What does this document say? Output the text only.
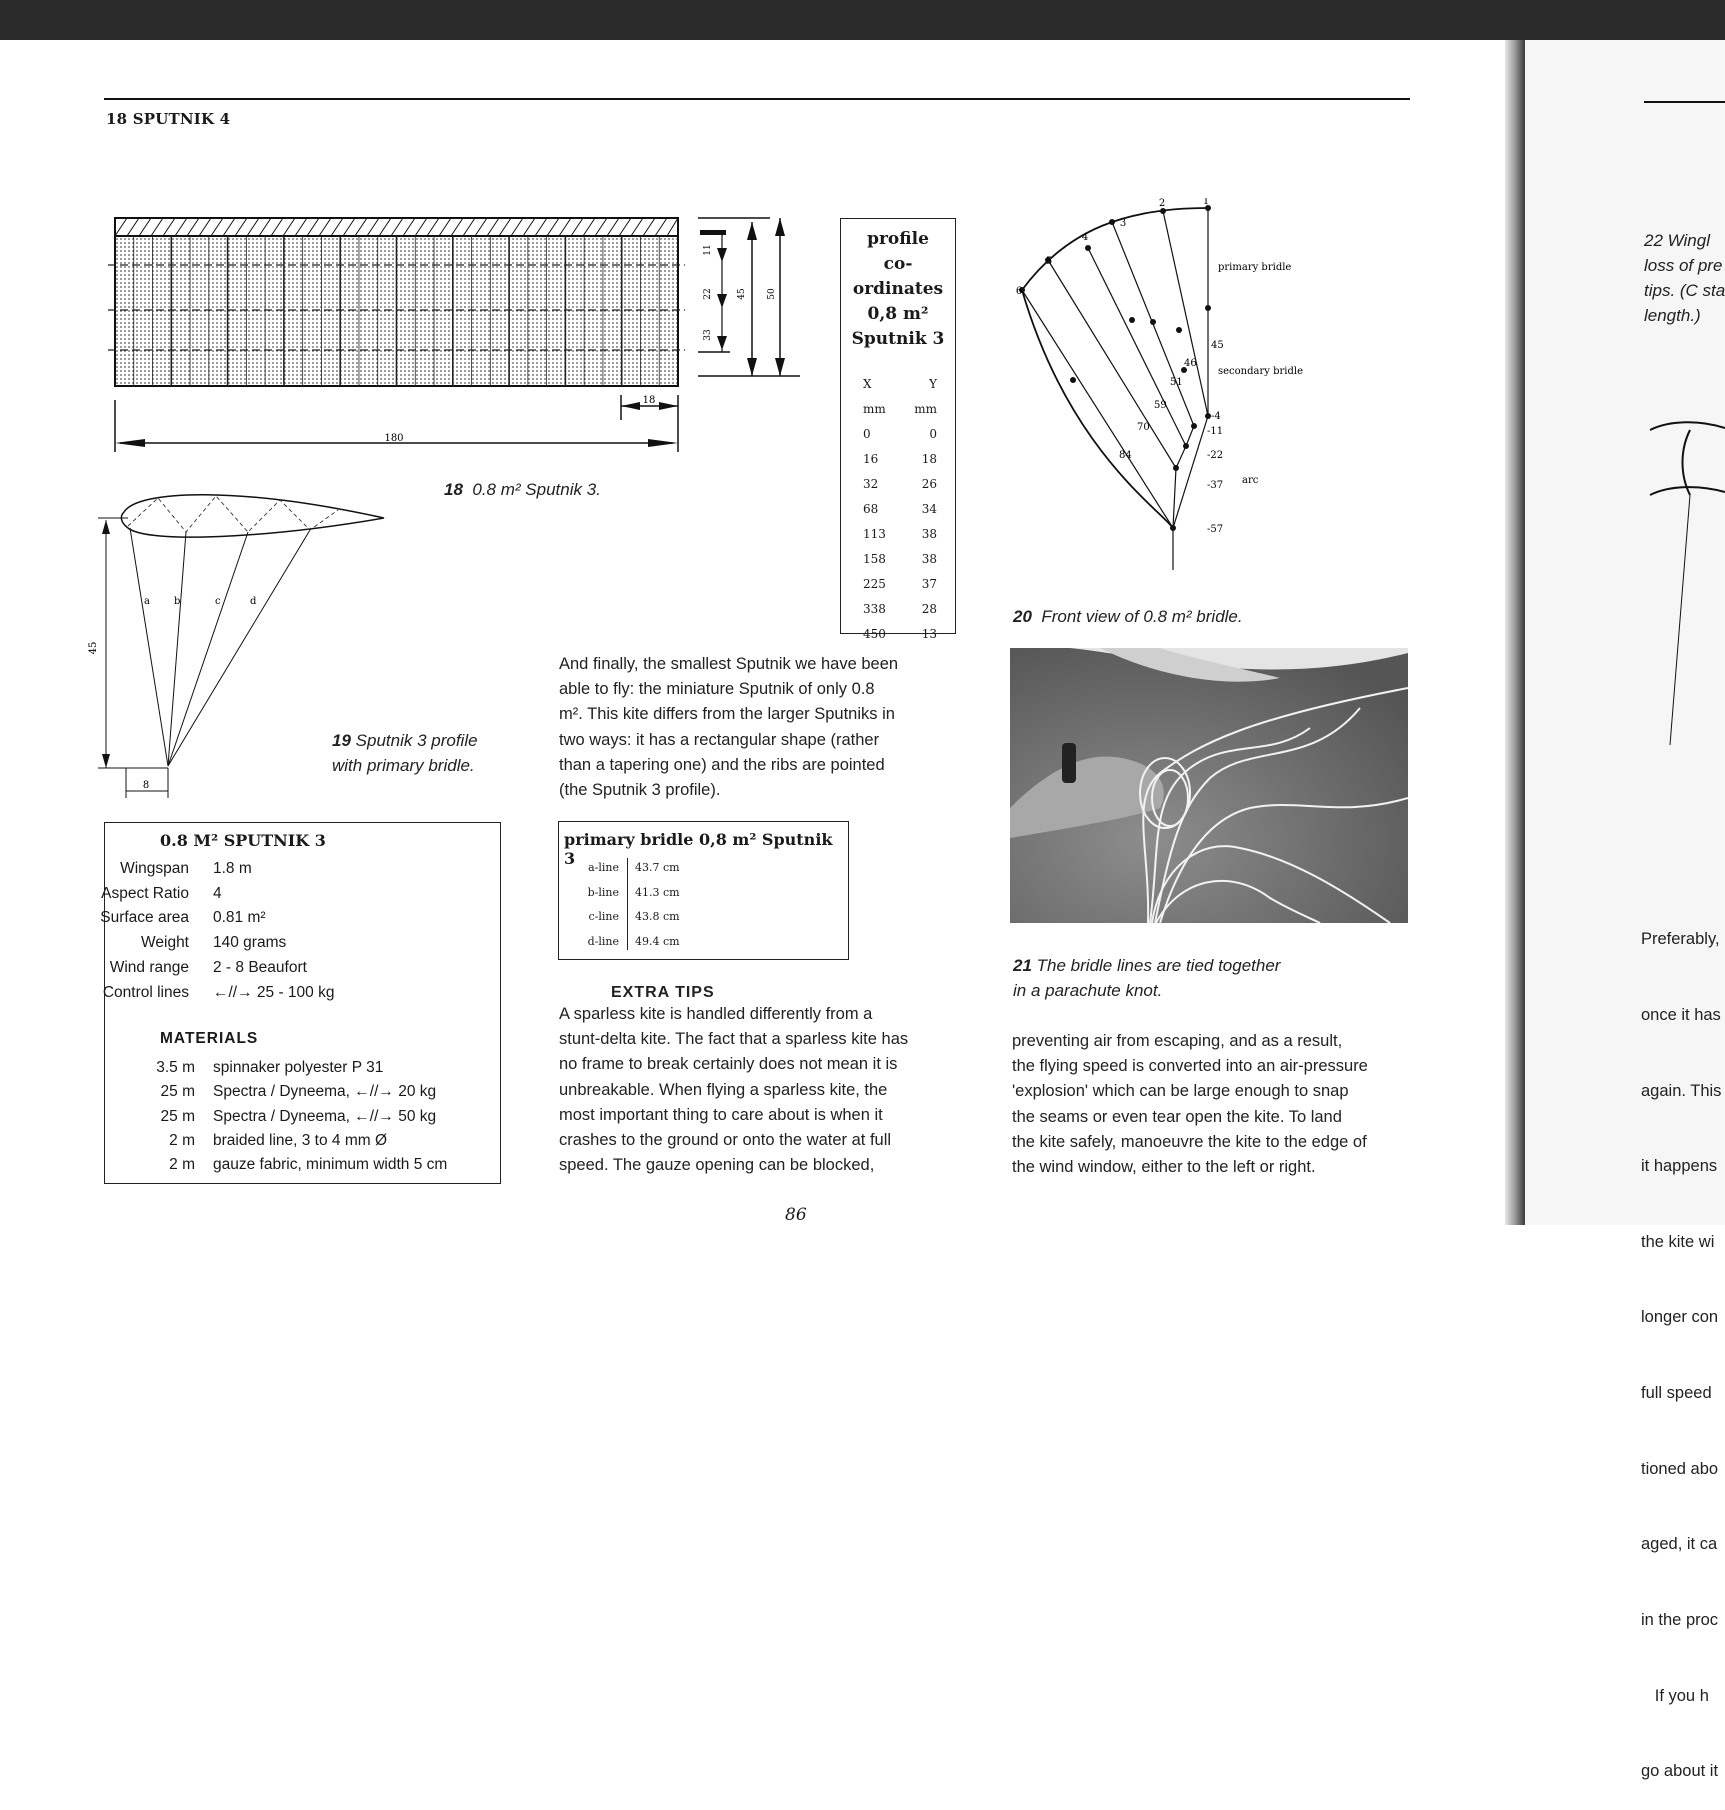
18 SPUTNIK 4
180
18
11
22
33
45 50
18 0.8 m² Sputnik 3.
profile
co-ordinates
0,8 m²
Sputnik 3
X	Y
mm mm
0	0
16	18
32	26
68	34
113	38
158	38
225	37
338	28
450	13
a b	c	d
45
8
19 Sputnik 3 profile
with primary bridle.
1
2
3
4
5
6
primary bridle
secondary bridle
arc
45
46
51
59
70
84
-4
-11
-22
-37
-57
20 Front view of 0.8 m² bridle.
21 The bridle lines are tied together
in a parachute knot.
0.8 M² SPUTNIK 3
Wingspan 1.8 m
Aspect Ratio 4
Surface area 0.81 m²
Weight 140 grams
Wind range 2 - 8 Beaufort
Control lines ←//→ 25 - 100 kg
MATERIALS
3.5 m spinnaker polyester P 31
25 m Spectra / Dyneema, ←//→ 20 kg
25 m Spectra / Dyneema, ←//→ 50 kg
2 m braided line, 3 to 4 mm Ø
2 m gauze fabric, minimum width 5 cm
And finally, the smallest Sputnik we have been
able to fly: the miniature Sputnik of only 0.8
m². This kite differs from the larger Sputniks in
two ways: it has a rectangular shape (rather
than a tapering one) and the ribs are pointed
(the Sputnik 3 profile).
primary bridle 0,8 m² Sputnik 3	a-line 43.7 cm
b-line 41.3 cm
c-line 43.8 cm
d-line 49.4 cm
EXTRA TIPS
A sparless kite is handled differently from a
stunt-delta kite. The fact that a sparless kite has
no frame to break certainly does not mean it is
unbreakable. When flying a sparless kite, the
most important thing to care about is when it
crashes to the ground or onto the water at full
speed. The gauze opening can be blocked,
preventing air from escaping, and as a result,
the flying speed is converted into an air-pressure
'explosion' which can be large enough to snap
the seams or even tear open the kite. To land
the kite safely, manoeuvre the kite to the edge of
the wind window, either to the left or right.
86
22 Wingl
loss of pre
tips. (C sta
length.)

Preferably,

once it has

again. This

it happens

the kite wi

longer con

full speed

tioned abo

aged, it ca

in the proc

If you h

go about it
